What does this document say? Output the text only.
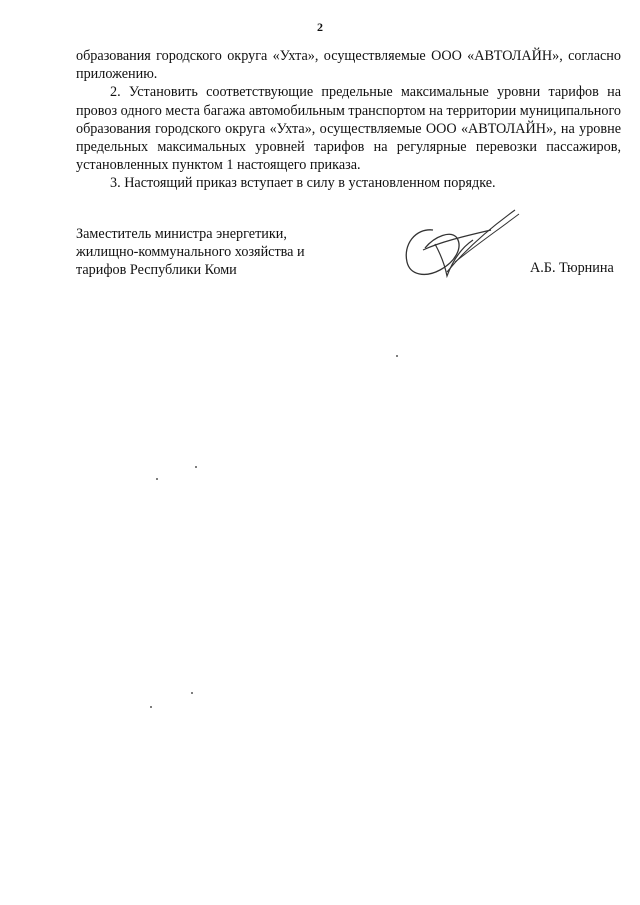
2

образования городского округа «Ухта», осуществляемые ООО «АВТОЛАЙН», согласно приложению.

2. Установить соответствующие предельные максимальные уровни тарифов на провоз одного места багажа автомобильным транспортом на территории муниципального образования городского округа «Ухта», осуществляемые ООО «АВТОЛАЙН», на уровне предельных максимальных уровней тарифов на регулярные перевозки пассажиров, установленных пунктом 1 настоящего приказа.

3. Настоящий приказ вступает в силу в установленном порядке.

Заместитель министра энергетики,
жилищно-коммунального хозяйства и
тарифов Республики Коми	А.Б. Тюрнина
